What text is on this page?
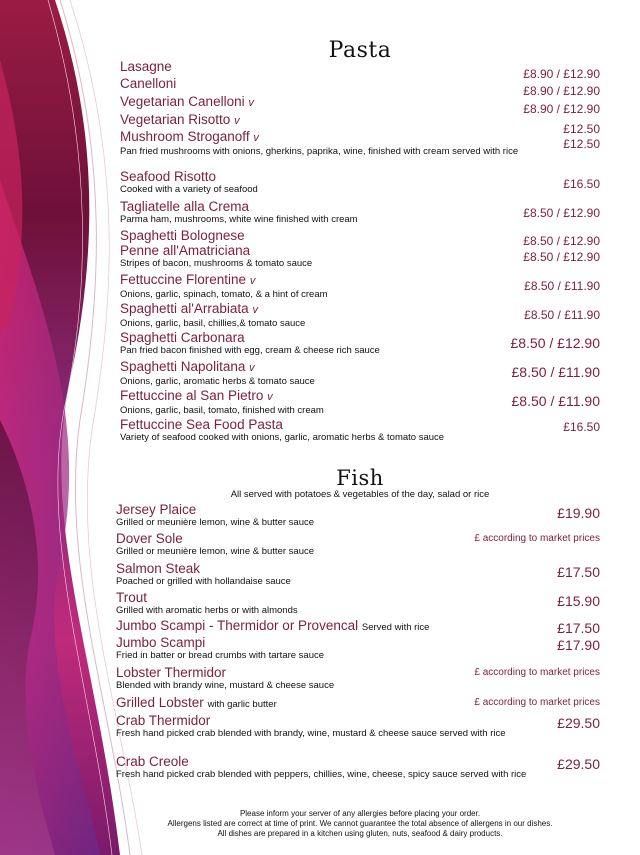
Pasta
Lasagne	£8.90 / £12.90
Canelloni	£8.90 / £12.90
Vegetarian Canelloni v	£8.90 / £12.90
Vegetarian Risotto v
£12.50
Mushroom Stroganoff v
Pan fried mushrooms with onions, gherkins, paprika, wine, finished with cream served with rice
£12.50
Seafood Risotto
Cooked with a variety of seafood	£16.50
Tagliatelle alla Crema
Parma ham, mushrooms, white wine finished with cream	£8.50 / £12.90
Spaghetti Bolognese	£8.50 / £12.90
Penne all'Amatriciana
Stripes of bacon, mushrooms & tomato sauce	£8.50 / £12.90
Fettuccine Florentine v
Onions, garlic, spinach, tomato, & a hint of cream
£8.50 / £11.90
Spaghetti al'Arrabiata v
Onions, garlic, basil, chillies,& tomato sauce
£8.50 / £11.90
Spaghetti Carbonara
Pan fried bacon finished with egg, cream & cheese rich sauce	£8.50 / £12.90
Spaghetti Napolitana v
Onions, garlic, aromatic herbs & tomato sauce
£8.50 / £11.90
Fettuccine al San Pietro v
Onions, garlic, basil, tomato, finished with cream
£8.50 / £11.90
Fettuccine Sea Food Pasta
Variety of seafood cooked with onions, garlic, aromatic herbs & tomato sauce
£16.50
Fish
All served with potatoes & vegetables of the day, salad or rice
Jersey Plaice
Grilled or meunière lemon, wine & butter sauce
£19.90
Dover Sole
Grilled or meunière lemon, wine & butter sauce
£ according to market prices
Salmon Steak
Poached or grilled with hollandaise sauce
£17.50
Trout
Grilled with aromatic herbs or with almonds
£15.90
Jumbo Scampi - Thermidor or Provencal Served with rice	£17.50
Jumbo Scampi
Fried in batter or bread crumbs with tartare sauce
£17.90
Lobster Thermidor
Blended with brandy wine, mustard & cheese sauce
£ according to market prices
Grilled Lobster with garlic butter	£ according to market prices
Crab Thermidor
Fresh hand picked crab blended with brandy, wine, mustard & cheese sauce served with rice
£29.50
Crab Creole
Fresh hand picked crab blended with peppers, chillies, wine, cheese, spicy sauce served with rice
£29.50
Please inform your server of any allergies before placing your order.
Allergens listed are correct at time of print. We cannot guarantee the total absence of allergens in our dishes.
All dishes are prepared in a kitchen using gluten, nuts, seafood & dairy products.
